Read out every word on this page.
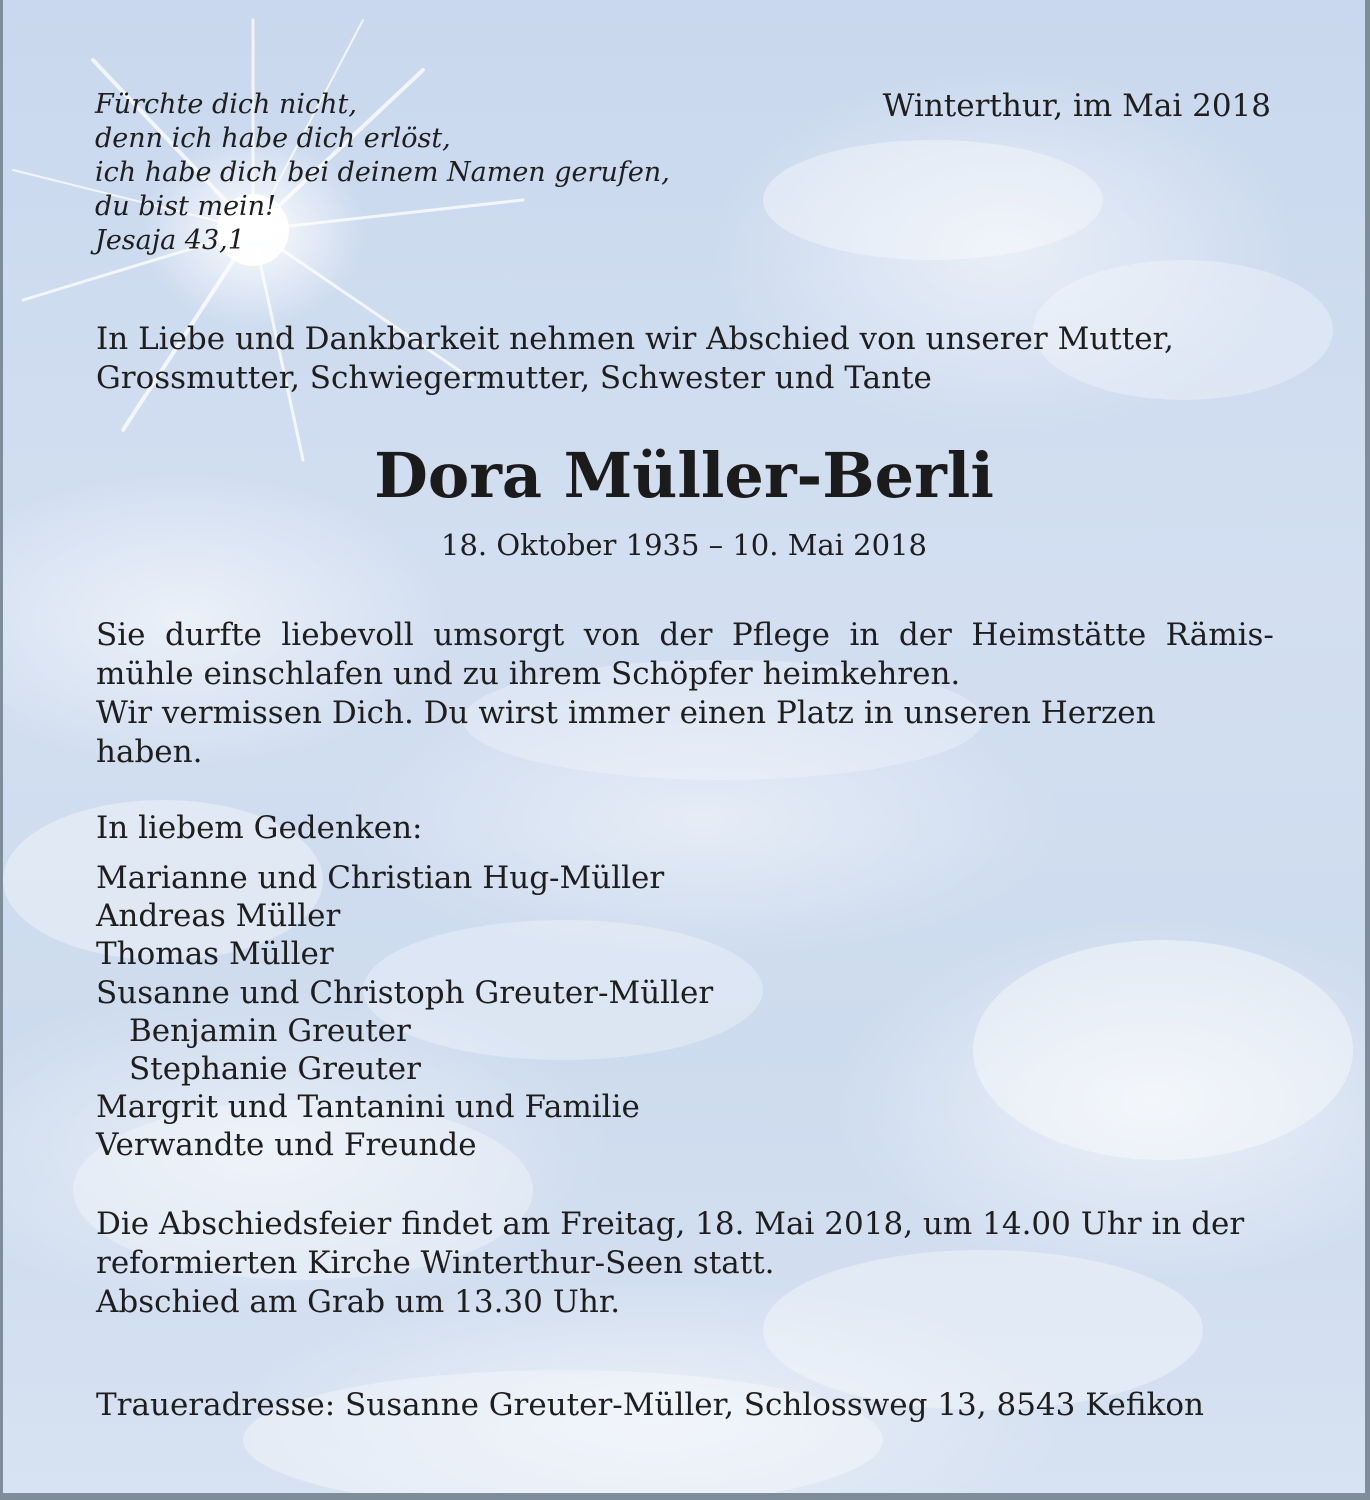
Fürchte dich nicht,
denn ich habe dich erlöst,
ich habe dich bei deinem Namen gerufen,
du bist mein!
Jesaja 43,1
Winterthur, im Mai 2018
In Liebe und Dankbarkeit nehmen wir Abschied von unserer Mutter,
Grossmutter, Schwiegermutter, Schwester und Tante
Dora Müller-Berli
18. Oktober 1935 – 10. Mai 2018
Sie durfte liebevoll umsorgt von der Pflege in der Heimstätte Rämis-
mühle einschlafen und zu ihrem Schöpfer heimkehren.
Wir vermissen Dich. Du wirst immer einen Platz in unseren Herzen
haben.
In liebem Gedenken:
Marianne und Christian Hug-Müller
Andreas Müller
Thomas Müller
Susanne und Christoph Greuter-Müller
Benjamin Greuter
Stephanie Greuter
Margrit und Tantanini und Familie
Verwandte und Freunde
Die Abschiedsfeier findet am Freitag, 18. Mai 2018, um 14.00 Uhr in der
reformierten Kirche Winterthur-Seen statt.
Abschied am Grab um 13.30 Uhr.
Traueradresse: Susanne Greuter-Müller, Schlossweg 13, 8543 Kefikon
